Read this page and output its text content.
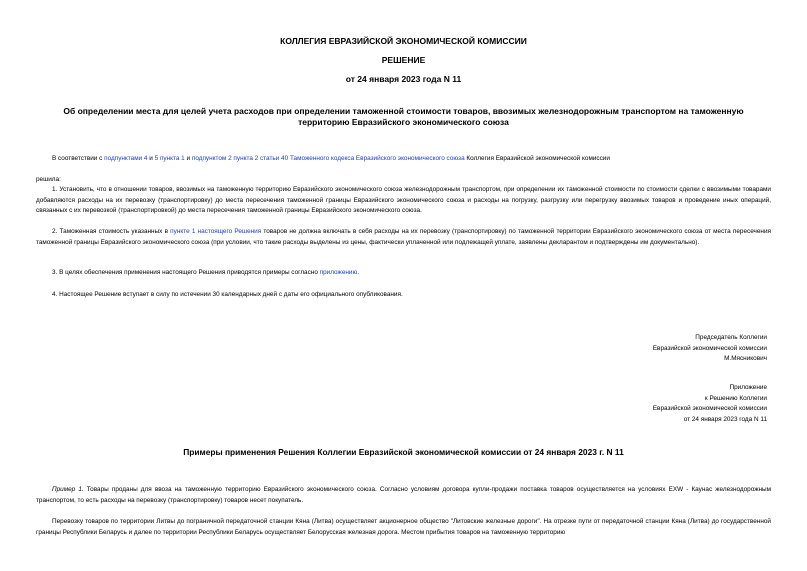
КОЛЛЕГИЯ ЕВРАЗИЙСКОЙ ЭКОНОМИЧЕСКОЙ КОМИССИИ
РЕШЕНИЕ
от 24 января 2023 года N 11
Об определении места для целей учета расходов при определении таможенной стоимости товаров, ввозимых железнодорожным транспортом на таможенную территорию Евразийского экономического союза
В соответствии с подпунктами 4 и 5 пункта 1 и подпунктом 2 пункта 2 статьи 40 Таможенного кодекса Евразийского экономического союза Коллегия Евразийской экономической комиссии
решила:
1. Установить, что в отношении товаров, ввозимых на таможенную территорию Евразийского экономического союза железнодорожным транспортом, при определении их таможенной стоимости по стоимости сделки с ввозимыми товарами добавляются расходы на их перевозку (транспортировку) до места пересечения таможенной границы Евразийского экономического союза и расходы на погрузку, разгрузку или перегрузку ввозимых товаров и проведение иных операций, связанных с их перевозкой (транспортировкой) до места пересечения таможенной границы Евразийского экономического союза.
2. Таможенная стоимость указанных в пункте 1 настоящего Решения товаров не должна включать в себя расходы на их перевозку (транспортировку) по таможенной территории Евразийского экономического союза от места пересечения таможенной границы Евразийского экономического союза (при условии, что такие расходы выделены из цены, фактически уплаченной или подлежащей уплате, заявлены декларантом и подтверждены им документально).
3. В целях обеспечения применения настоящего Решения приводятся примеры согласно приложению.
4. Настоящее Решение вступает в силу по истечении 30 календарных дней с даты его официального опубликования.
Председатель Коллегии
Евразийской экономической комиссии
М.Мясникович
Приложение
к Решению Коллегии
Евразийской экономической комиссии
от 24 января 2023 года N 11
Примеры применения Решения Коллегии Евразийской экономической комиссии от 24 января 2023 г. N 11
Пример 1. Товары проданы для ввоза на таможенную территорию Евразийского экономического союза. Согласно условиям договора купли-продажи поставка товаров осуществляется на условиях EXW - Каунас железнодорожным транспортом, то есть расходы на перевозку (транспортировку) товаров несет покупатель.
Перевозку товаров по территории Литвы до пограничной передаточной станции Кяна (Литва) осуществляет акционерное общество "Литовские железные дороги". На отрезке пути от передаточной станции Кяна (Литва) до государственной границы Республики Беларусь и далее по территории Республики Беларусь осуществляет Белорусская железная дорога. Местом прибытия товаров на таможенную территорию
